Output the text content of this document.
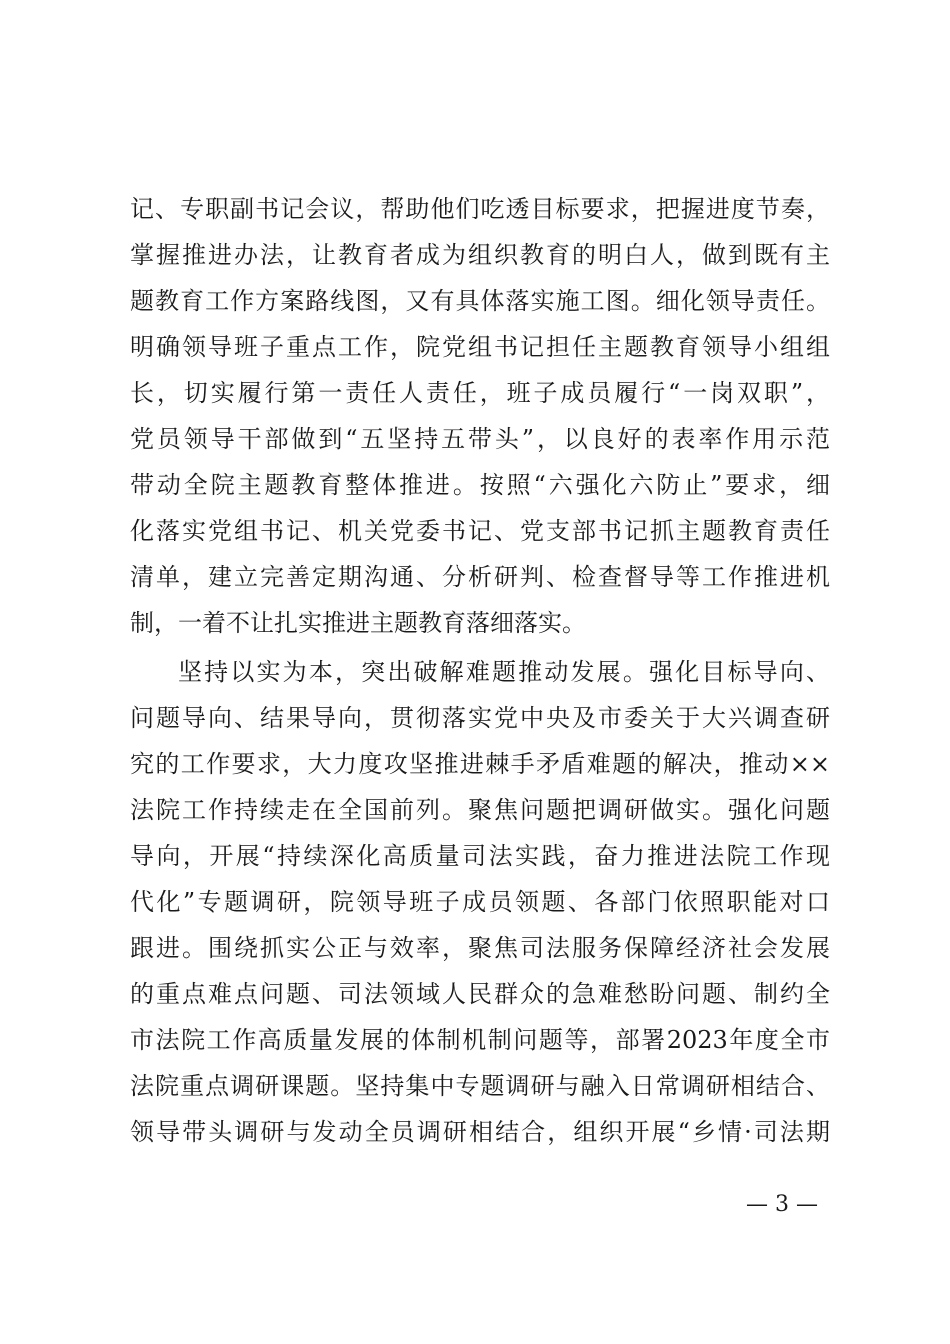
记、专职副书记会议，帮助他们吃透目标要求，把握进度节奏，
掌握推进办法，让教育者成为组织教育的明白人，做到既有主
题教育工作方案路线图，又有具体落实施工图。细化领导责任。
明确领导班子重点工作，院党组书记担任主题教育领导小组组
长，切实履行第一责任人责任，班子成员履行“一岗双职”，
党员领导干部做到“五坚持五带头”，以良好的表率作用示范
带动全院主题教育整体推进。按照“六强化六防止”要求，细
化落实党组书记、机关党委书记、党支部书记抓主题教育责任
清单，建立完善定期沟通、分析研判、检查督导等工作推进机
制，一着不让扎实推进主题教育落细落实。
坚持以实为本，突出破解难题推动发展。强化目标导向、
问题导向、结果导向，贯彻落实党中央及市委关于大兴调查研
究的工作要求，大力度攻坚推进棘手矛盾难题的解决，推动××
法院工作持续走在全国前列。聚焦问题把调研做实。强化问题
导向，开展“持续深化高质量司法实践，奋力推进法院工作现
代化”专题调研，院领导班子成员领题、各部门依照职能对口
跟进。围绕抓实公正与效率，聚焦司法服务保障经济社会发展
的重点难点问题、司法领域人民群众的急难愁盼问题、制约全
市法院工作高质量发展的体制机制问题等，部署2023年度全市
法院重点调研课题。坚持集中专题调研与融入日常调研相结合、
领导带头调研与发动全员调研相结合，组织开展“乡情·司法期
— 3 —
